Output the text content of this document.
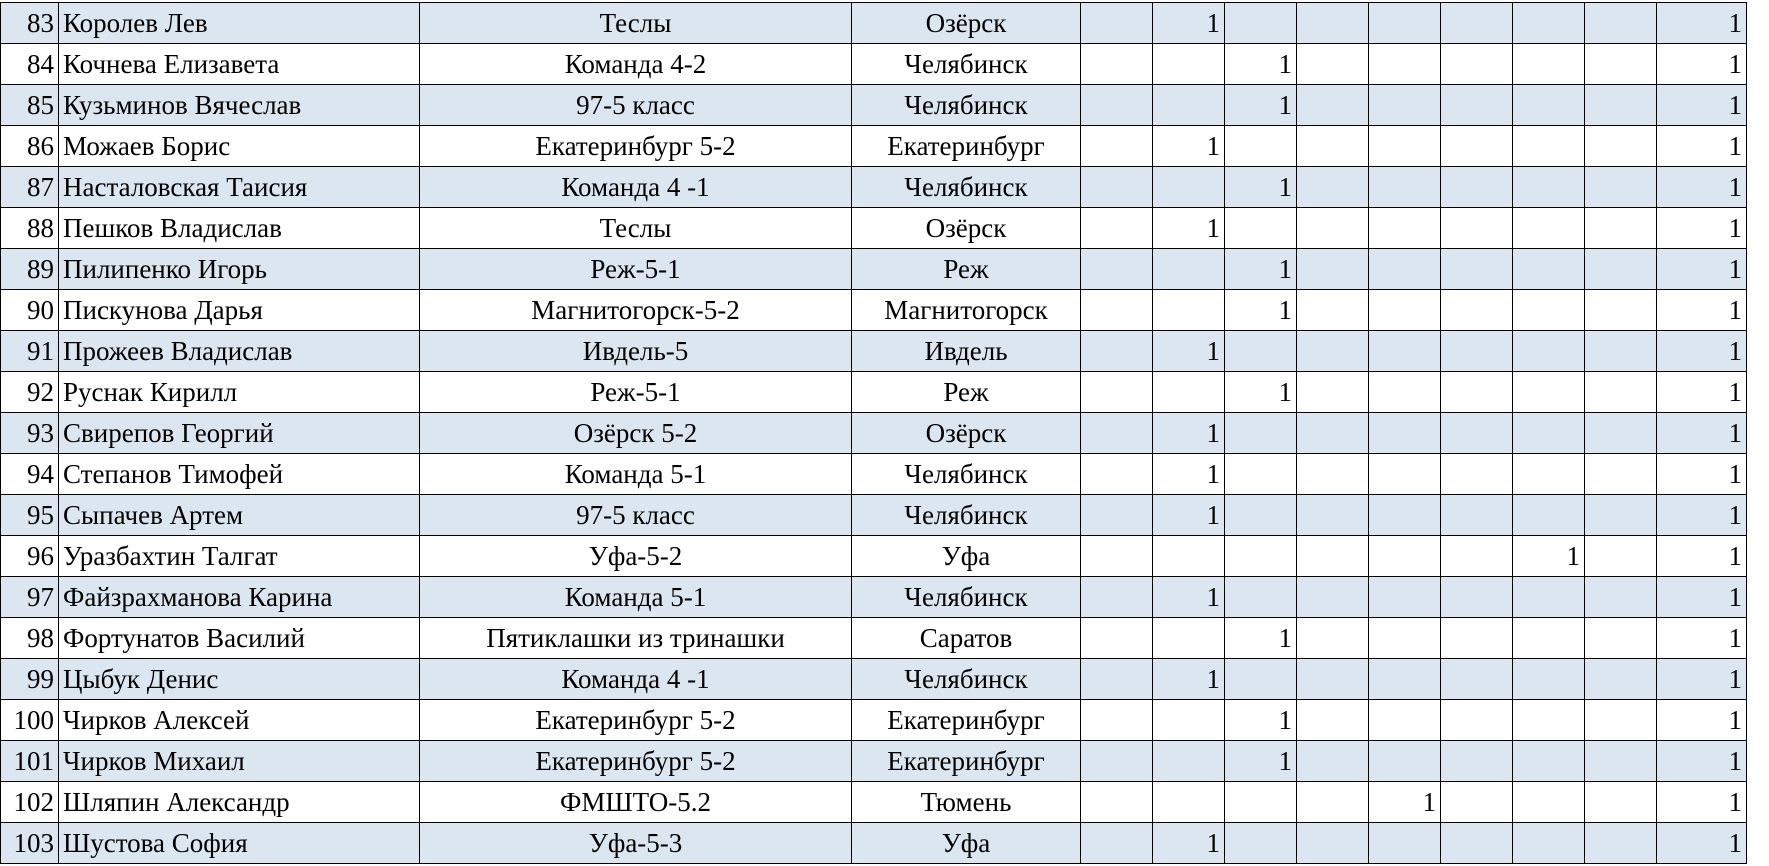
83	Королев Лев	Теслы	Озёрск		1							1
84	Кочнева Елизавета	Команда 4-2	Челябинск			1						1
85	Кузьминов Вячеслав	97-5 класс	Челябинск			1						1
86	Можаев Борис	Екатеринбург 5-2	Екатеринбург		1							1
87	Насталовская Таисия	Команда 4 -1	Челябинск			1						1
88	Пешков Владислав	Теслы	Озёрск		1							1
89	Пилипенко Игорь	Реж-5-1	Реж			1						1
90	Пискунова Дарья	Магнитогорск-5-2	Магнитогорск			1						1
91	Прожеев Владислав	Ивдель-5	Ивдель		1							1
92	Руснак Кирилл	Реж-5-1	Реж			1						1
93	Свирепов Георгий	Озёрск 5-2	Озёрск		1							1
94	Степанов Тимофей	Команда 5-1	Челябинск		1							1
95	Сыпачев Артем	97-5 класс	Челябинск		1							1
96	Уразбахтин Талгат	Уфа-5-2	Уфа							1		1
97	Файзрахманова Карина	Команда 5-1	Челябинск		1							1
98	Фортунатов Василий	Пятиклашки из тринашки	Саратов			1						1
99	Цыбук Денис	Команда 4 -1	Челябинск		1							1
100	Чирков Алексей	Екатеринбург 5-2	Екатеринбург			1						1
101	Чирков Михаил	Екатеринбург 5-2	Екатеринбург			1						1
102	Шляпин Александр	ФМШТО-5.2	Тюмень					1				1
103	Шустова София	Уфа-5-3	Уфа		1							1
